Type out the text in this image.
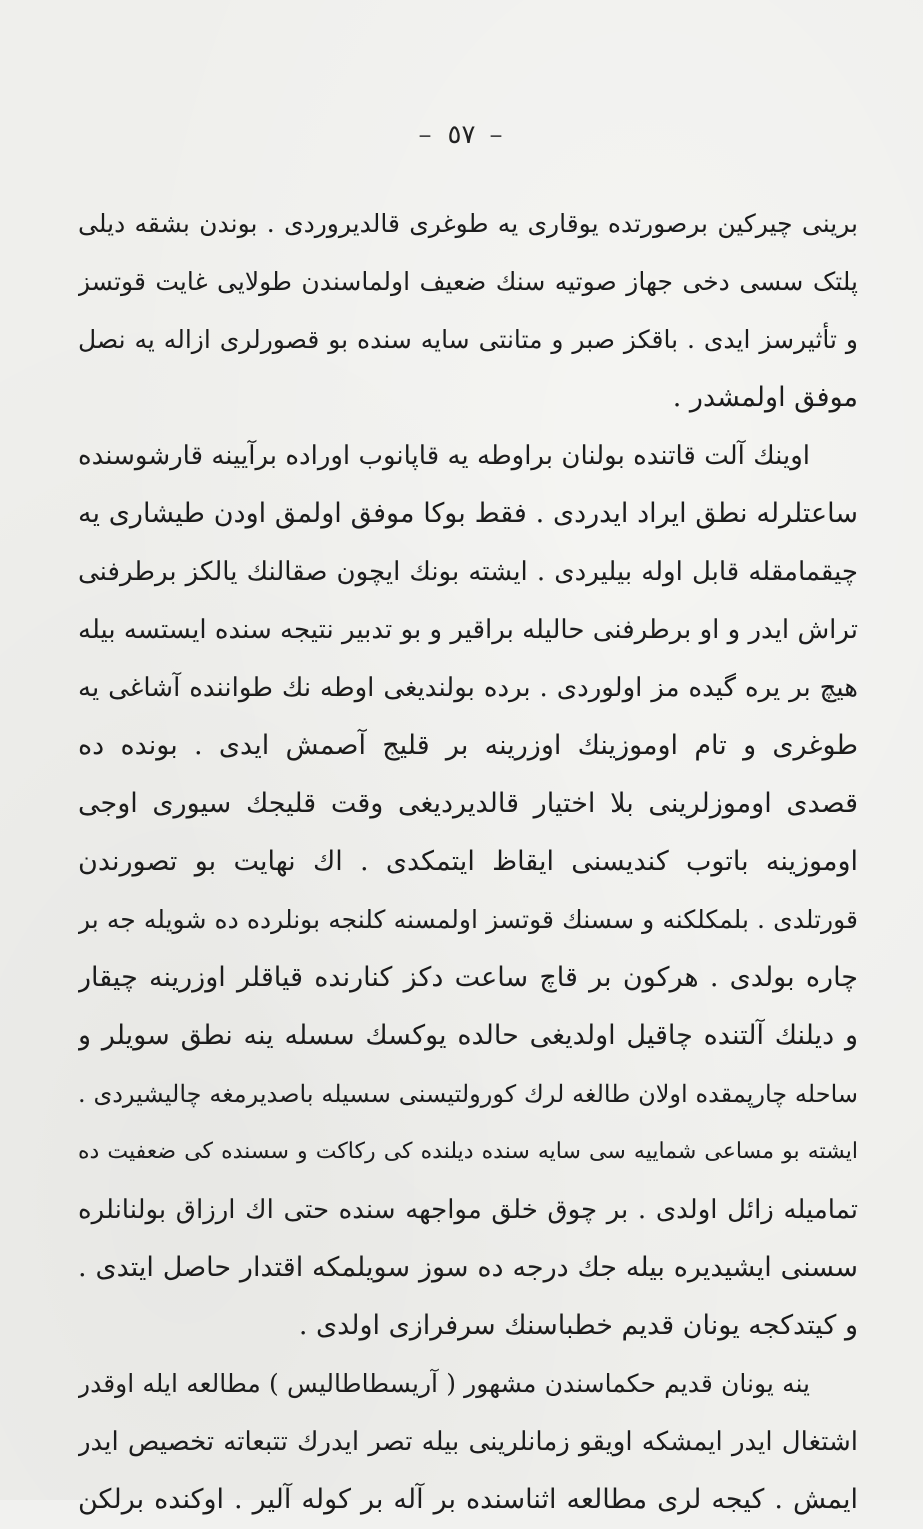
– ٥٧ –
برینی چیرکین برصورتده یوقاری یه طوغری قالدیروردی . بوندن بشقه دیلی
پلتک سسی دخی جهاز صوتیه سنك ضعیف اولماسندن طولایی غایت قوتسز
و تأثیرسز ایدی . باقکز صبر و متانتی سایه سنده بو قصورلری ازاله یه نصل
موفق اولمشدر .
اوینك آلت قاتنده بولنان براوطه یه قاپانوب اوراده برآیینه قارشوسنده
ساعتلرله نطق ایراد ایدردی . فقط بوکا موفق اولمق اودن طیشاری یه
چیقمامقله قابل اوله بیلیردی . ایشته بونك ایچون صقالنك یالکز برطرفنی
تراش ایدر و او برطرفنی حالیله براقیر و بو تدبیر نتیجه سنده ایستسه بیله
هیچ بر یره گیده مز اولوردی . برده بولندیغی اوطه نك طواننده آشاغی یه
طوغری و تام اوموزینك اوزرینه بر قلیج آصمش ایدی . بونده ده
قصدی اوموزلرینی بلا اختیار قالدیردیغی وقت قلیجك سیوری اوجی
اوموزینه باتوب کندیسنی ایقاظ ایتمکدی . اك نهایت بو تصورندن
قورتلدی . بلمکلکنه و سسنك قوتسز اولمسنه کلنجه بونلرده ده شویله جه بر
چاره بولدی . هرکون بر قاچ ساعت دکز کنارنده قیاقلر اوزرینه چیقار
و دیلنك آلتنده چاقیل اولدیغی حالده یوکسك سسله ینه نطق سویلر و
ساحله چارپمقده اولان طالغه لرك کورولتیسنی سسیله باصدیرمغه چالیشیردی .
ایشته بو مساعی شماییه سی سایه سنده دیلنده کی رکاکت و سسنده کی ضعفیت ده
تماميله زائل اولدی . بر چوق خلق مواجهه سنده حتی اك ارزاق بولنانلره
سسنی ایشیدیره بیله جك درجه ده سوز سویلمکه اقتدار حاصل ایتدی .
و کیتدکجه یونان قدیم خطباسنك سرفرازی اولدی .
ینه یونان قدیم حکماسندن مشهور ( آریسطاطالیس ) مطالعه ایله اوقدر
اشتغال ایدر ایمشکه اویقو زمانلرینی بیله تصر ایدرك تتبعاته تخصیص ایدر
ایمش . کیجه لری مطالعه اثناسنده بر آله بر کوله آلیر . اوکنده برلکن
